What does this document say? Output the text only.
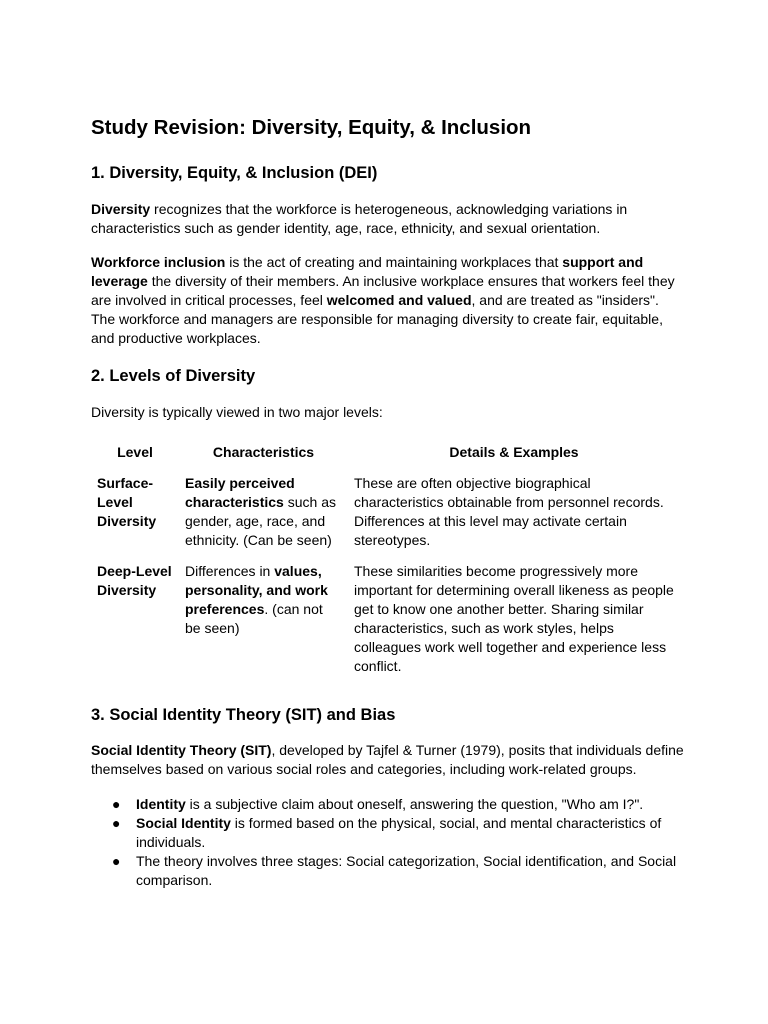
Study Revision: Diversity, Equity, & Inclusion
1. Diversity, Equity, & Inclusion (DEI)

Diversity recognizes that the workforce is heterogeneous, acknowledging variations in characteristics such as gender identity, age, race, ethnicity, and sexual orientation.

Workforce inclusion is the act of creating and maintaining workplaces that support and leverage the diversity of their members. An inclusive workplace ensures that workers feel they are involved in critical processes, feel welcomed and valued, and are treated as "insiders". The workforce and managers are responsible for managing diversity to create fair, equitable, and productive workplaces.

2. Levels of Diversity

Diversity is typically viewed in two major levels:

Level	Characteristics	Details & Examples
Surface-Level Diversity	Easily perceived characteristics such as gender, age, race, and ethnicity. (Can be seen)	These are often objective biographical characteristics obtainable from personnel records. Differences at this level may activate certain stereotypes.
Deep-Level Diversity	Differences in values, personality, and work preferences. (can not be seen)	These similarities become progressively more important for determining overall likeness as people get to know one another better. Sharing similar characteristics, such as work styles, helps colleagues work well together and experience less conflict.
3. Social Identity Theory (SIT) and Bias

Social Identity Theory (SIT), developed by Tajfel & Turner (1979), posits that individuals define themselves based on various social roles and categories, including work-related groups.

● Identity is a subjective claim about oneself, answering the question, "Who am I?".
● Social Identity is formed based on the physical, social, and mental characteristics of individuals.
● The theory involves three stages: Social categorization, Social identification, and Social comparison.
